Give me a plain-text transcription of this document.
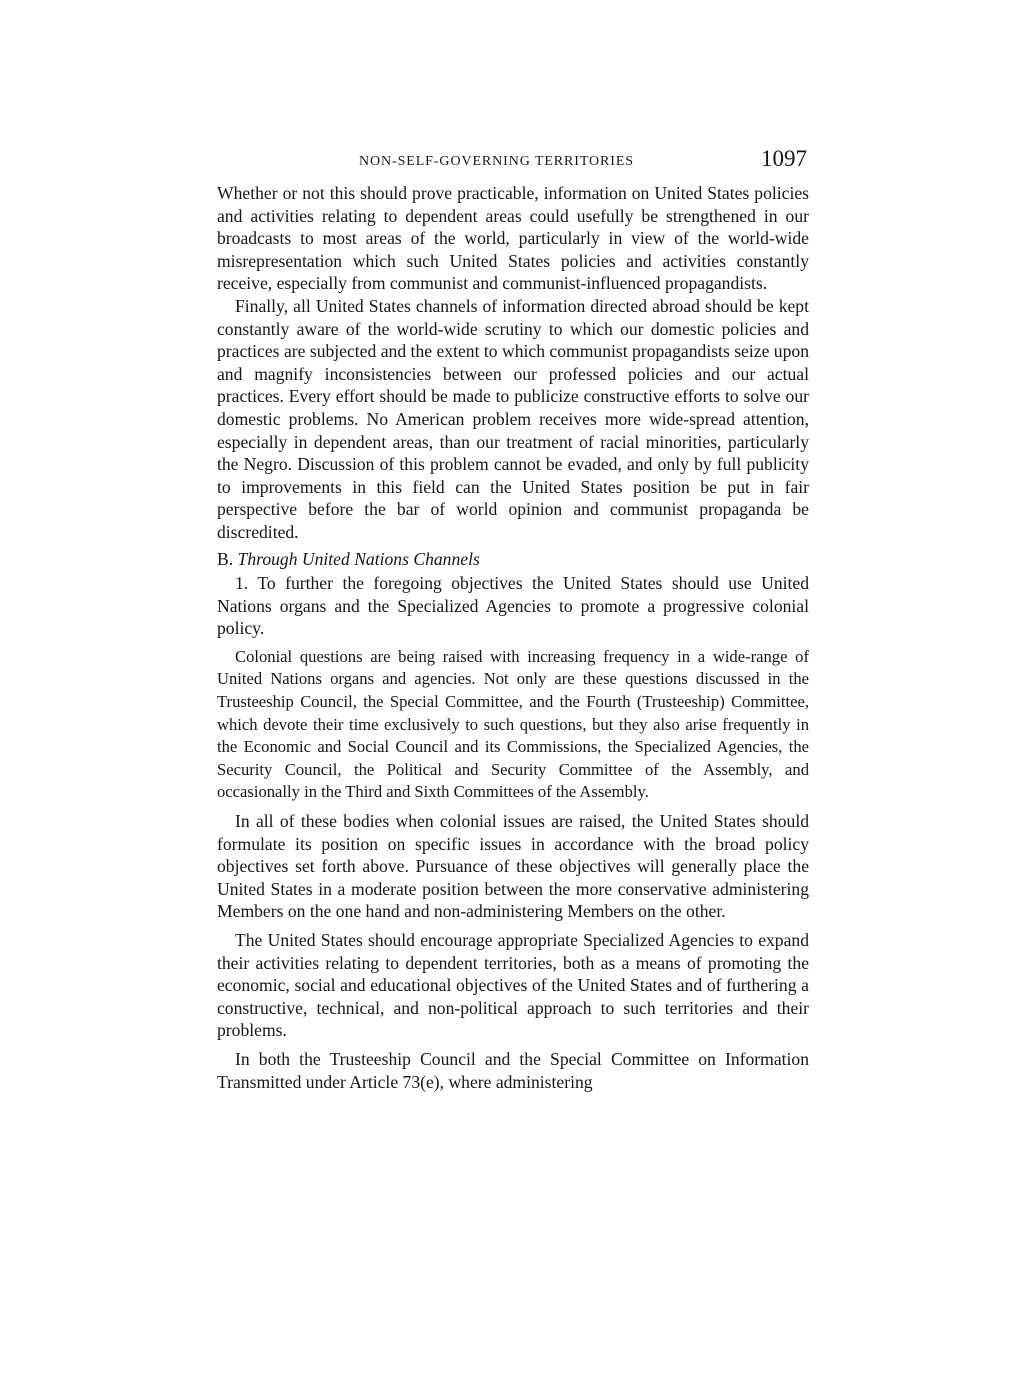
NON-SELF-GOVERNING TERRITORIES	1097

Whether or not this should prove practicable, information on United States policies and activities relating to dependent areas could usefully be strengthened in our broadcasts to most areas of the world, particularly in view of the world-wide misrepresentation which such United States policies and activities constantly receive, especially from communist and communist-influenced propagandists.

Finally, all United States channels of information directed abroad should be kept constantly aware of the world-wide scrutiny to which our domestic policies and practices are subjected and the extent to which communist propagandists seize upon and magnify inconsistencies between our professed policies and our actual practices. Every effort should be made to publicize constructive efforts to solve our domestic problems. No American problem receives more wide-spread attention, especially in dependent areas, than our treatment of racial minorities, particularly the Negro. Discussion of this problem cannot be evaded, and only by full publicity to improvements in this field can the United States position be put in fair perspective before the bar of world opinion and communist propaganda be discredited.

B. Through United Nations Channels

1. To further the foregoing objectives the United States should use United Nations organs and the Specialized Agencies to promote a progressive colonial policy.

Colonial questions are being raised with increasing frequency in a wide-range of United Nations organs and agencies. Not only are these questions discussed in the Trusteeship Council, the Special Committee, and the Fourth (Trusteeship) Committee, which devote their time exclusively to such questions, but they also arise frequently in the Economic and Social Council and its Commissions, the Specialized Agencies, the Security Council, the Political and Security Committee of the Assembly, and occasionally in the Third and Sixth Committees of the Assembly.

In all of these bodies when colonial issues are raised, the United States should formulate its position on specific issues in accordance with the broad policy objectives set forth above. Pursuance of these objectives will generally place the United States in a moderate position between the more conservative administering Members on the one hand and non-administering Members on the other.

The United States should encourage appropriate Specialized Agencies to expand their activities relating to dependent territories, both as a means of promoting the economic, social and educational objectives of the United States and of furthering a constructive, technical, and non-political approach to such territories and their problems.

In both the Trusteeship Council and the Special Committee on Information Transmitted under Article 73(e), where administering
